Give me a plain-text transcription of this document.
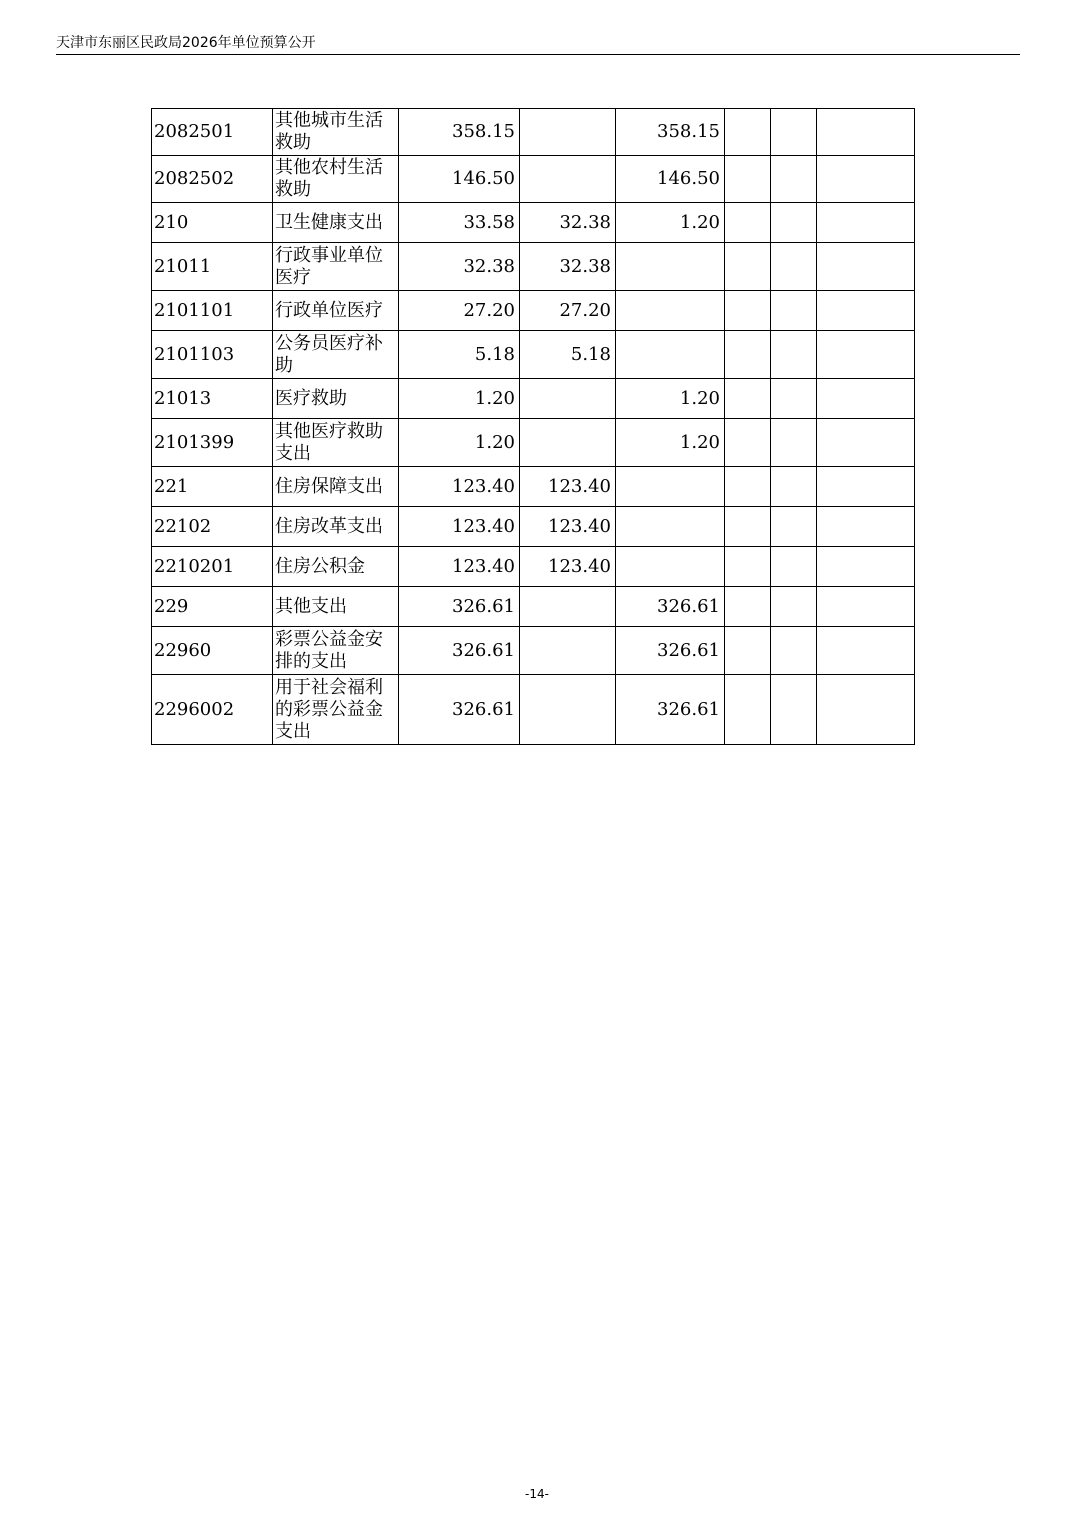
天津市东丽区民政局2026年单位预算公开
2082501	其他城市生活救助	358.15		358.15			
2082502	其他农村生活救助	146.50		146.50			
210	卫生健康支出	33.58	32.38	1.20			
21011	行政事业单位医疗	32.38	32.38				
2101101	行政单位医疗	27.20	27.20				
2101103	公务员医疗补助	5.18	5.18				
21013	医疗救助	1.20		1.20			
2101399	其他医疗救助支出	1.20		1.20			
221	住房保障支出	123.40	123.40				
22102	住房改革支出	123.40	123.40				
2210201	住房公积金	123.40	123.40				
229	其他支出	326.61		326.61			
22960	彩票公益金安排的支出	326.61		326.61			
2296002	用于社会福利的彩票公益金支出	326.61		326.61			
-14-
